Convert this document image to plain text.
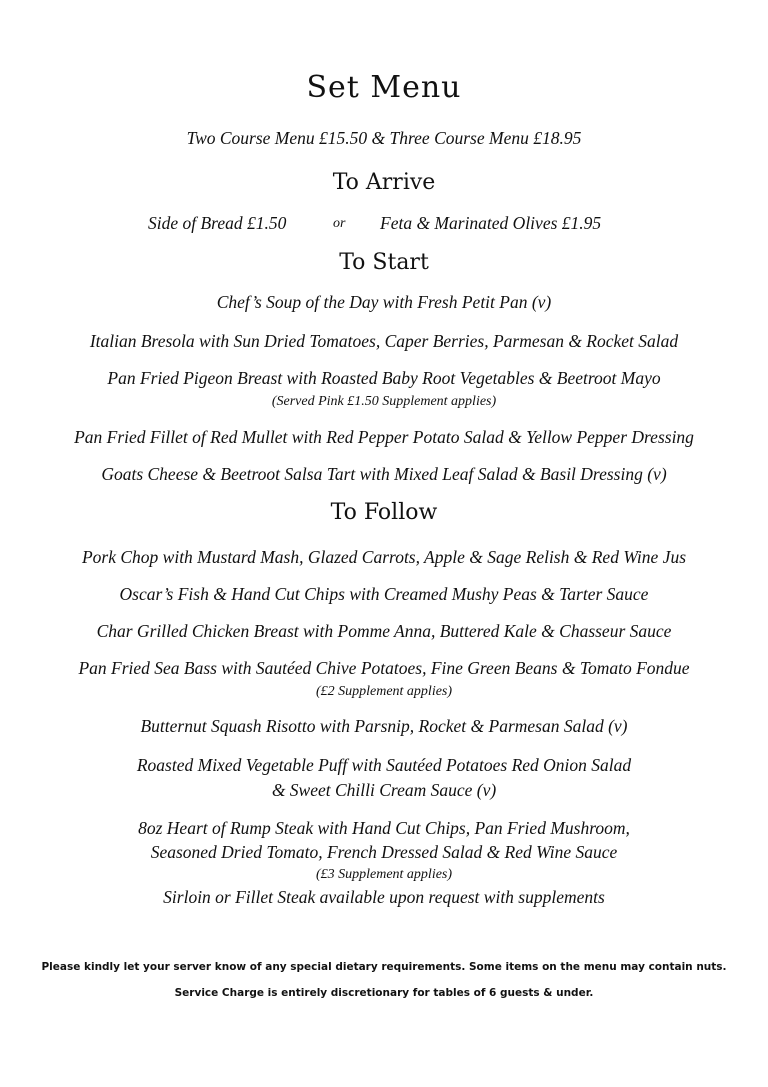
Set Menu
Two Course Menu £15.50 & Three Course Menu £18.95
To Arrive
Side of Bread £1.50	or Feta & Marinated Olives £1.95
To Start
Chef’s Soup of the Day with Fresh Petit Pan (v)
Italian Bresola with Sun Dried Tomatoes, Caper Berries, Parmesan & Rocket Salad
Pan Fried Pigeon Breast with Roasted Baby Root Vegetables & Beetroot Mayo
(Served Pink £1.50 Supplement applies)
Pan Fried Fillet of Red Mullet with Red Pepper Potato Salad & Yellow Pepper Dressing
Goats Cheese & Beetroot Salsa Tart with Mixed Leaf Salad & Basil Dressing (v)
To Follow
Pork Chop with Mustard Mash, Glazed Carrots, Apple & Sage Relish & Red Wine Jus
Oscar’s Fish & Hand Cut Chips with Creamed Mushy Peas & Tarter Sauce
Char Grilled Chicken Breast with Pomme Anna, Buttered Kale & Chasseur Sauce
Pan Fried Sea Bass with Sautéed Chive Potatoes, Fine Green Beans & Tomato Fondue
(£2 Supplement applies)
Butternut Squash Risotto with Parsnip, Rocket & Parmesan Salad (v)
Roasted Mixed Vegetable Puff with Sautéed Potatoes Red Onion Salad
& Sweet Chilli Cream Sauce (v)
8oz Heart of Rump Steak with Hand Cut Chips, Pan Fried Mushroom,
Seasoned Dried Tomato, French Dressed Salad & Red Wine Sauce
(£3 Supplement applies)
Sirloin or Fillet Steak available upon request with supplements
Please kindly let your server know of any special dietary requirements. Some items on the menu may contain nuts.
Service Charge is entirely discretionary for tables of 6 guests & under.
